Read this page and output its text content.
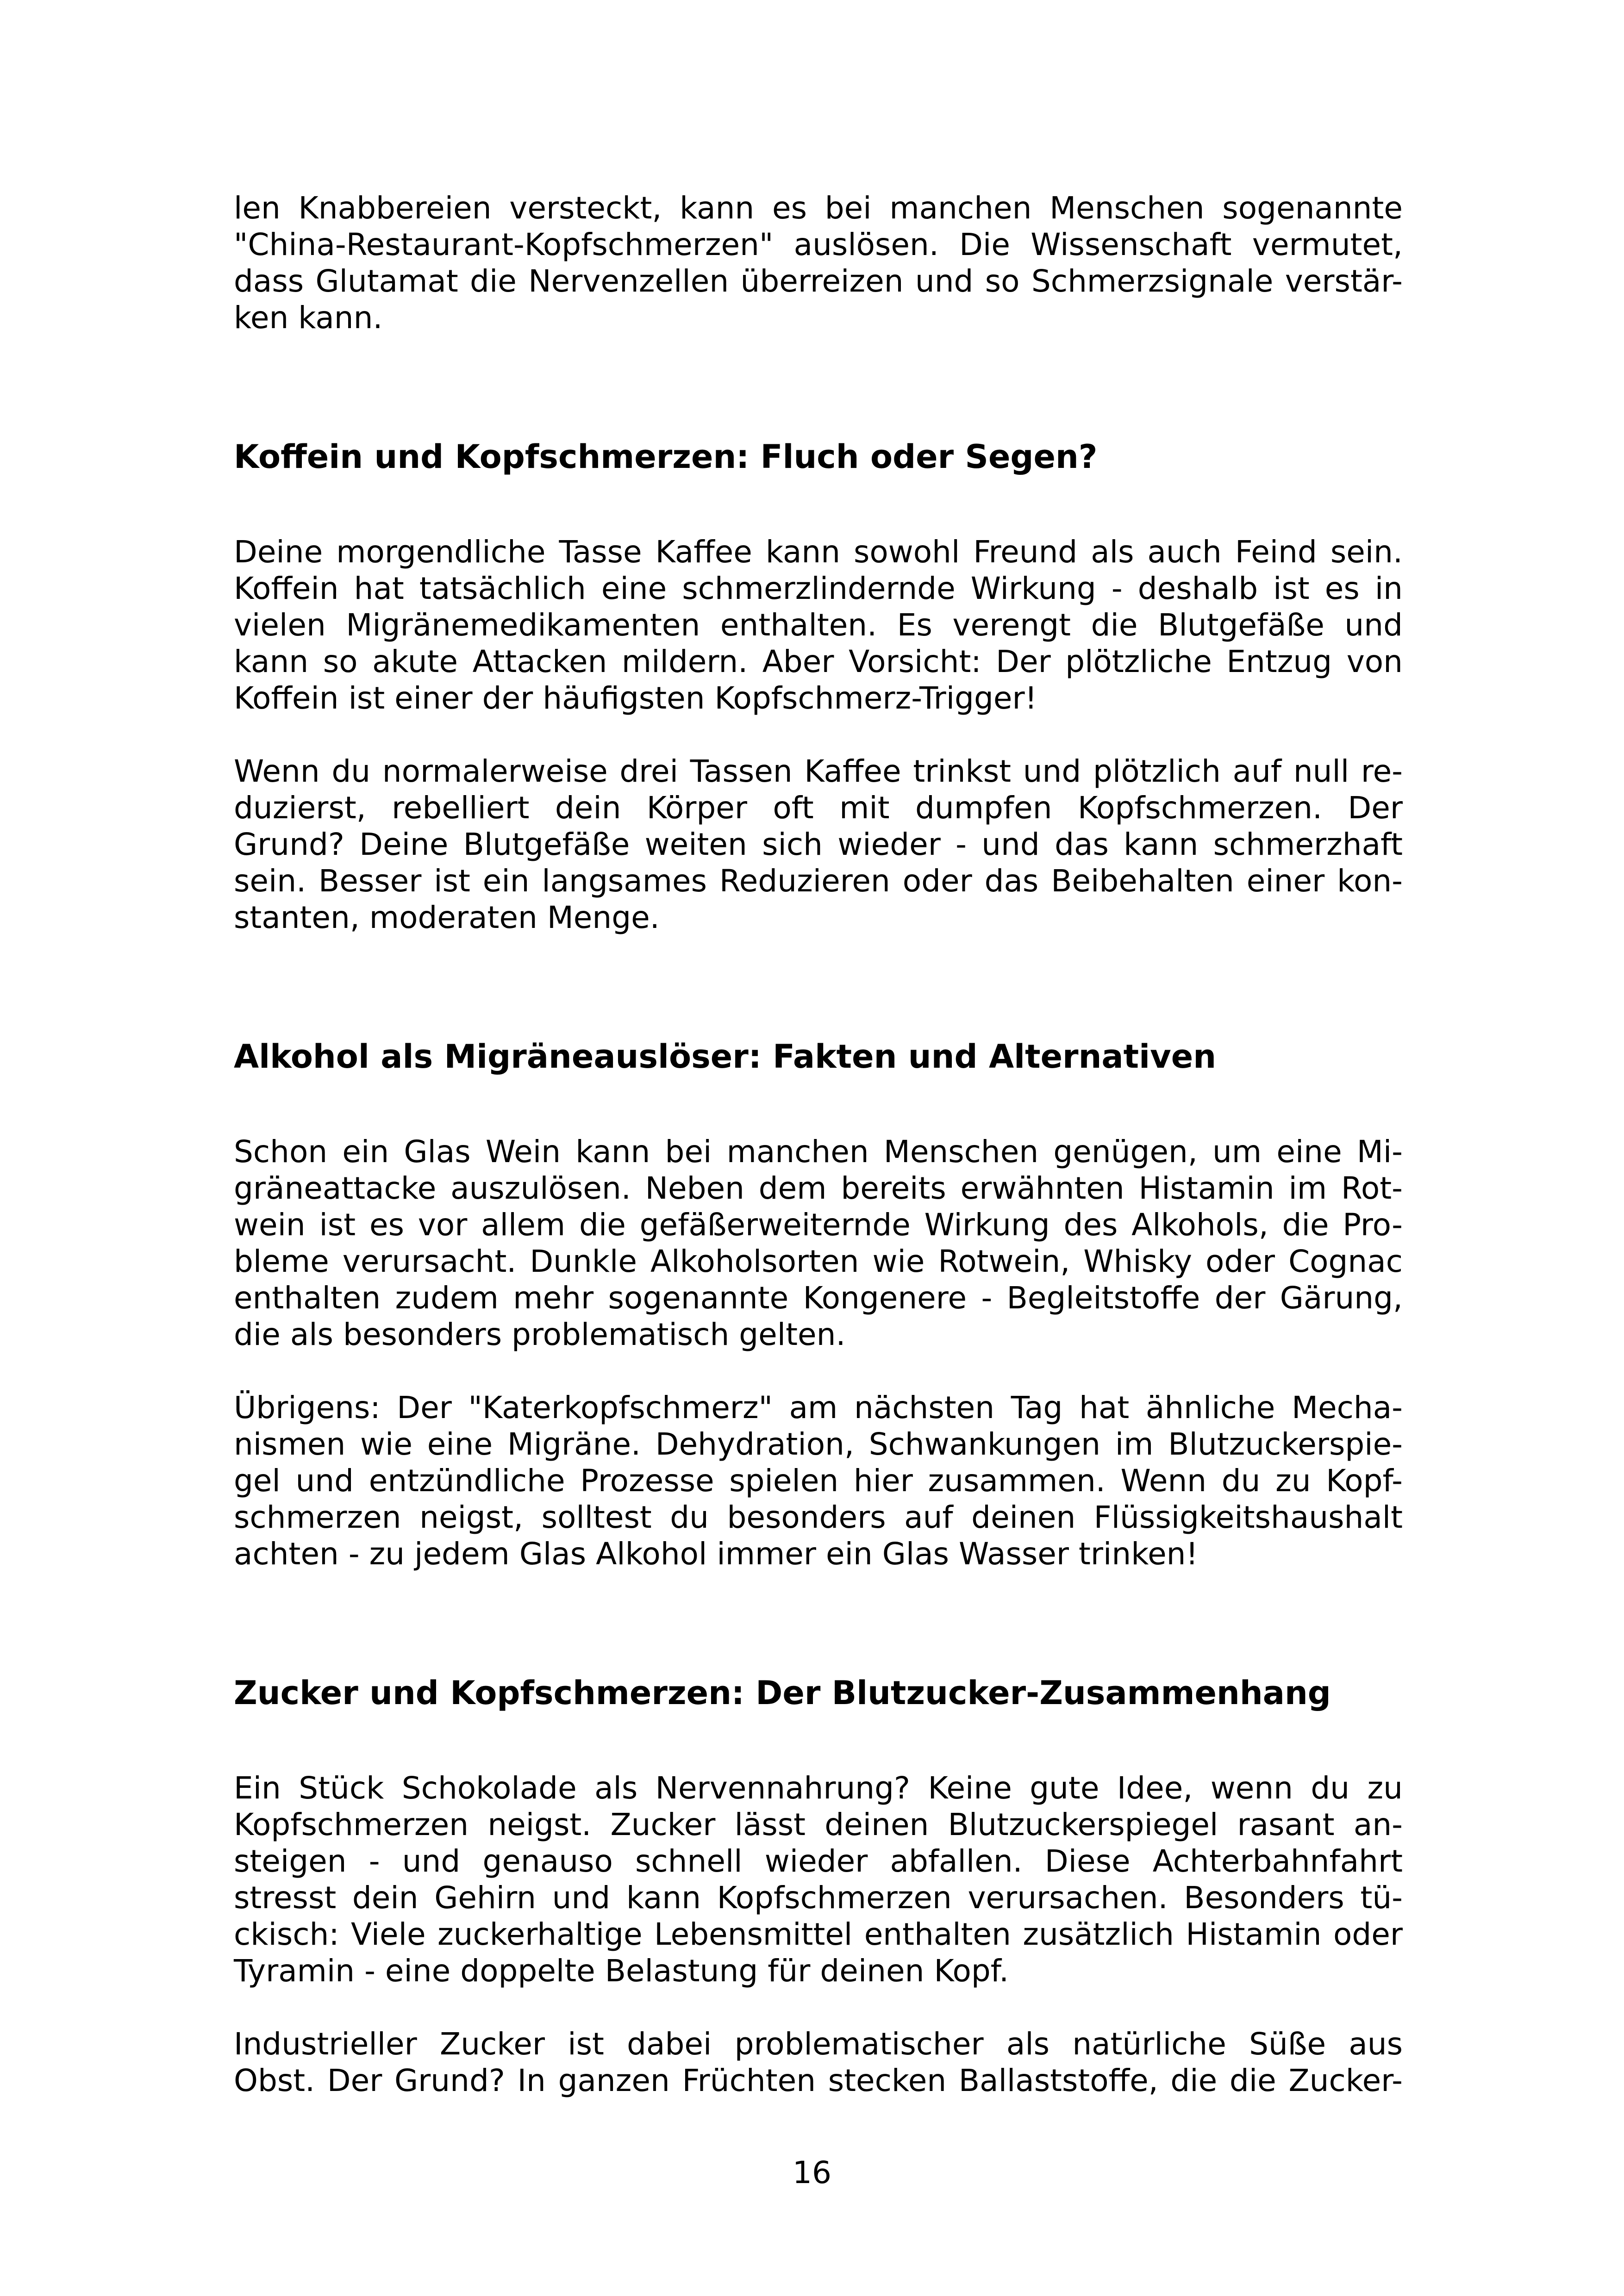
len Knabbereien versteckt, kann es bei manchen Menschen sogenannte
"China-Restaurant-Kopfschmerzen" auslösen. Die Wissenschaft vermutet,
dass Glutamat die Nervenzellen überreizen und so Schmerzsignale verstär-
ken kann.

Koffein und Kopfschmerzen: Fluch oder Segen?

Deine morgendliche Tasse Kaffee kann sowohl Freund als auch Feind sein.
Koffein hat tatsächlich eine schmerzlindernde Wirkung - deshalb ist es in
vielen Migränemedikamenten enthalten. Es verengt die Blutgefäße und
kann so akute Attacken mildern. Aber Vorsicht: Der plötzliche Entzug von
Koffein ist einer der häufigsten Kopfschmerz-Trigger!

Wenn du normalerweise drei Tassen Kaffee trinkst und plötzlich auf null re-
duzierst, rebelliert dein Körper oft mit dumpfen Kopfschmerzen. Der
Grund? Deine Blutgefäße weiten sich wieder - und das kann schmerzhaft
sein. Besser ist ein langsames Reduzieren oder das Beibehalten einer kon-
stanten, moderaten Menge.

Alkohol als Migräneauslöser: Fakten und Alternativen

Schon ein Glas Wein kann bei manchen Menschen genügen, um eine Mi-
gräneattacke auszulösen. Neben dem bereits erwähnten Histamin im Rot-
wein ist es vor allem die gefäßerweiternde Wirkung des Alkohols, die Pro-
bleme verursacht. Dunkle Alkoholsorten wie Rotwein, Whisky oder Cognac
enthalten zudem mehr sogenannte Kongenere - Begleitstoffe der Gärung,
die als besonders problematisch gelten.

Übrigens: Der "Katerkopfschmerz" am nächsten Tag hat ähnliche Mecha-
nismen wie eine Migräne. Dehydration, Schwankungen im Blutzuckerspie-
gel und entzündliche Prozesse spielen hier zusammen. Wenn du zu Kopf-
schmerzen neigst, solltest du besonders auf deinen Flüssigkeitshaushalt
achten - zu jedem Glas Alkohol immer ein Glas Wasser trinken!

Zucker und Kopfschmerzen: Der Blutzucker-Zusammenhang

Ein Stück Schokolade als Nervennahrung? Keine gute Idee, wenn du zu
Kopfschmerzen neigst. Zucker lässt deinen Blutzuckerspiegel rasant an-
steigen - und genauso schnell wieder abfallen. Diese Achterbahnfahrt
stresst dein Gehirn und kann Kopfschmerzen verursachen. Besonders tü-
ckisch: Viele zuckerhaltige Lebensmittel enthalten zusätzlich Histamin oder
Tyramin - eine doppelte Belastung für deinen Kopf.

Industrieller Zucker ist dabei problematischer als natürliche Süße aus
Obst. Der Grund? In ganzen Früchten stecken Ballaststoffe, die die Zucker-

16
